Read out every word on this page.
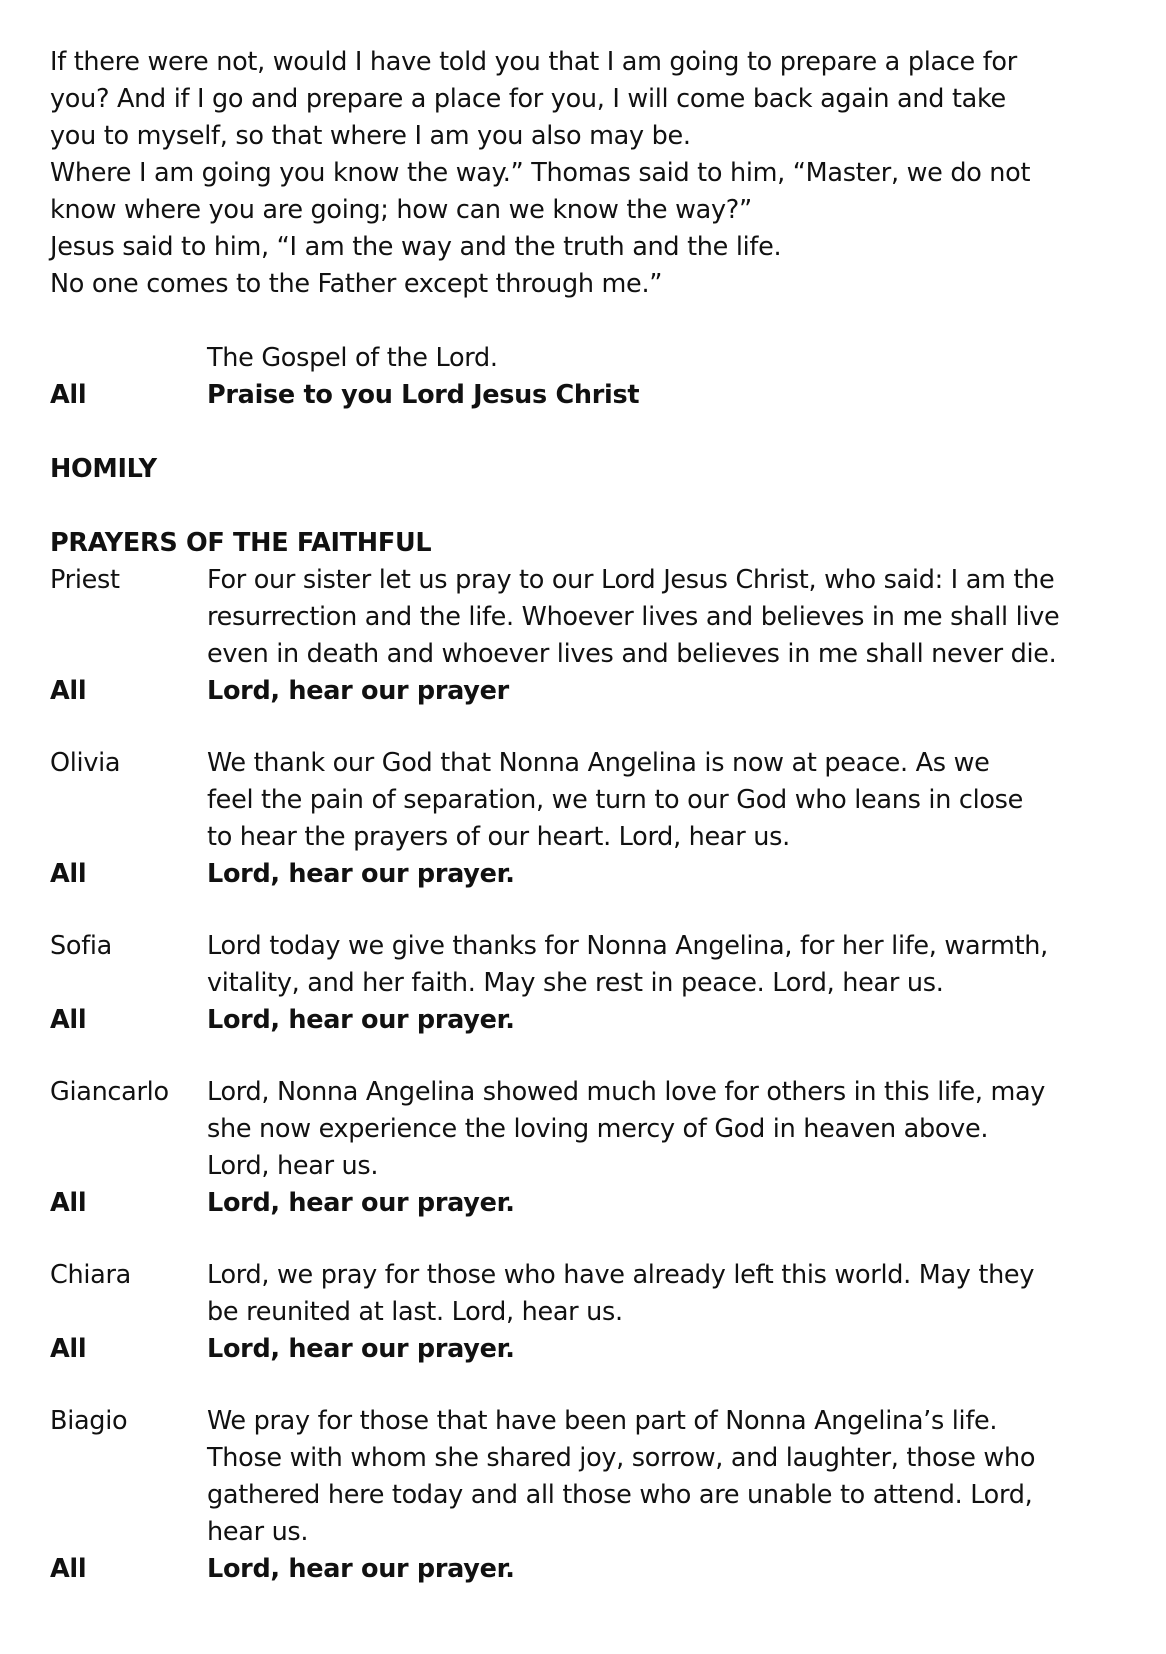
If there were not, would I have told you that I am going to prepare a place for
you? And if I go and prepare a place for you, I will come back again and take
you to myself, so that where I am you also may be.
Where I am going you know the way.” Thomas said to him, “Master, we do not
know where you are going; how can we know the way?”
Jesus said to him, “I am the way and the truth and the life.
No one comes to the Father except through me.”
The Gospel of the Lord.
All	Praise to you Lord Jesus Christ
HOMILY
PRAYERS OF THE FAITHFUL
Priest	For our sister let us pray to our Lord Jesus Christ, who said: I am the
resurrection and the life. Whoever lives and believes in me shall live
even in death and whoever lives and believes in me shall never die.
All	Lord, hear our prayer
Olivia	We thank our God that Nonna Angelina is now at peace. As we
feel the pain of separation, we turn to our God who leans in close
to hear the prayers of our heart. Lord, hear us.
All	Lord, hear our prayer.
Sofia	Lord today we give thanks for Nonna Angelina, for her life, warmth,
vitality, and her faith. May she rest in peace. Lord, hear us.
All	Lord, hear our prayer.
Giancarlo	Lord, Nonna Angelina showed much love for others in this life, may
she now experience the loving mercy of God in heaven above.
Lord, hear us.
All	Lord, hear our prayer.
Chiara	Lord, we pray for those who have already left this world. May they
be reunited at last. Lord, hear us.
All	Lord, hear our prayer.
Biagio	We pray for those that have been part of Nonna Angelina’s life.
Those with whom she shared joy, sorrow, and laughter, those who
gathered here today and all those who are unable to attend. Lord,
hear us.
All	Lord, hear our prayer.
